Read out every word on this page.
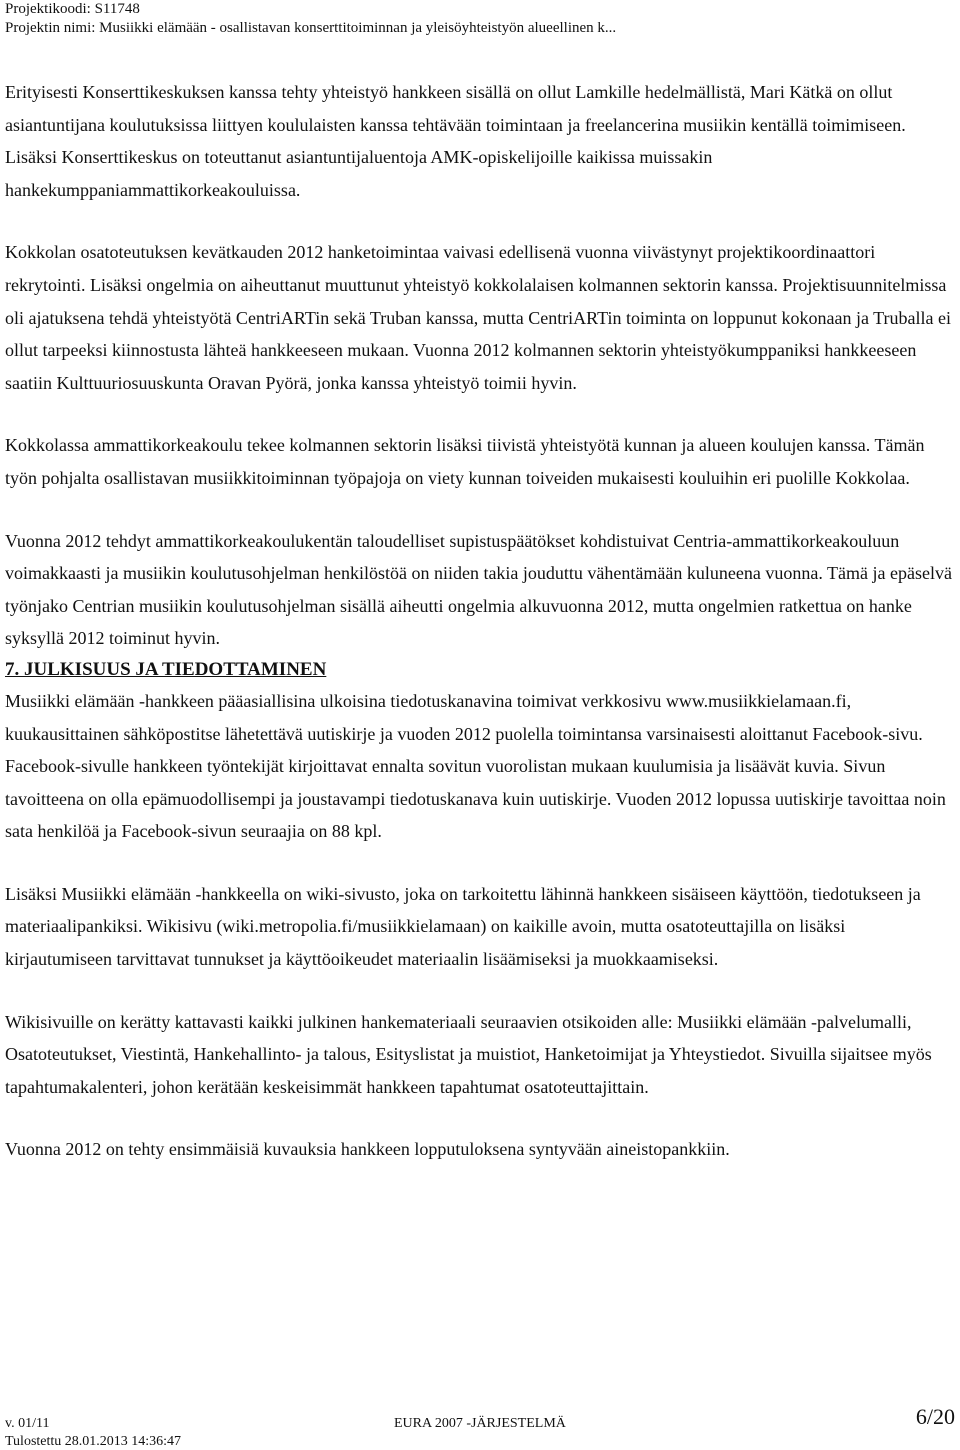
Projektikoodi: S11748
Projektin nimi: Musiikki elämään - osallistavan konserttitoiminnan ja yleisöyhteistyön alueellinen k...

Erityisesti Konserttikeskuksen kanssa tehty yhteistyö hankkeen sisällä on ollut Lamkille hedelmällistä, Mari Kätkä on ollut asiantuntijana koulutuksissa liittyen koululaisten kanssa tehtävään toimintaan ja freelancerina musiikin kentällä toimimiseen. Lisäksi Konserttikeskus on toteuttanut asiantuntijaluentoja AMK-opiskelijoille kaikissa muissakin hankekumppaniammattikorkeakouluissa.

Kokkolan osatoteutuksen kevätkauden 2012 hanketoimintaa vaivasi edellisenä vuonna viivästynyt projektikoordinaattori rekrytointi. Lisäksi ongelmia on aiheuttanut muuttunut yhteistyö kokkolalaisen kolmannen sektorin kanssa. Projektisuunnitelmissa oli ajatuksena tehdä yhteistyötä CentriARTin sekä Truban kanssa, mutta CentriARTin toiminta on loppunut kokonaan ja Truballa ei ollut tarpeeksi kiinnostusta lähteä hankkeeseen mukaan. Vuonna 2012 kolmannen sektorin yhteistyökumppaniksi hankkeeseen saatiin Kulttuuriosuuskunta Oravan Pyörä, jonka kanssa yhteistyö toimii hyvin.

Kokkolassa ammattikorkeakoulu tekee kolmannen sektorin lisäksi tiivistä yhteistyötä kunnan ja alueen koulujen kanssa. Tämän työn pohjalta osallistavan musiikkitoiminnan työpajoja on viety kunnan toiveiden mukaisesti kouluihin eri puolille Kokkolaa.

Vuonna 2012 tehdyt ammattikorkeakoulukentän taloudelliset supistuspäätökset kohdistuivat Centria-ammattikorkeakouluun voimakkaasti ja musiikin koulutusohjelman henkilöstöä on niiden takia jouduttu vähentämään kuluneena vuonna. Tämä ja epäselvä työnjako Centrian musiikin koulutusohjelman sisällä aiheutti ongelmia alkuvuonna 2012, mutta ongelmien ratkettua on hanke syksyllä 2012 toiminut hyvin.

7. JULKISUUS JA TIEDOTTAMINEN

Musiikki elämään -hankkeen pääasiallisina ulkoisina tiedotuskanavina toimivat verkkosivu www.musiikkielamaan.fi, kuukausittainen sähköpostitse lähetettävä uutiskirje ja vuoden 2012 puolella toimintansa varsinaisesti aloittanut Facebook-sivu. Facebook-sivulle hankkeen työntekijät kirjoittavat ennalta sovitun vuorolistan mukaan kuulumisia ja lisäävät kuvia. Sivun tavoitteena on olla epämuodollisempi ja joustavampi tiedotuskanava kuin uutiskirje. Vuoden 2012 lopussa uutiskirje tavoittaa noin sata henkilöä ja Facebook-sivun seuraajia on 88 kpl.

Lisäksi Musiikki elämään -hankkeella on wiki-sivusto, joka on tarkoitettu lähinnä hankkeen sisäiseen käyttöön, tiedotukseen ja materiaalipankiksi. Wikisivu (wiki.metropolia.fi/musiikkielamaan) on kaikille avoin, mutta osatoteuttajilla on lisäksi kirjautumiseen tarvittavat tunnukset ja käyttöoikeudet materiaalin lisäämiseksi ja muokkaamiseksi.

Wikisivuille on kerätty kattavasti kaikki julkinen hankemateriaali seuraavien otsikoiden alle: Musiikki elämään -palvelumalli, Osatoteutukset, Viestintä, Hankehallinto- ja talous, Esityslistat ja muistiot, Hanketoimijat ja Yhteystiedot. Sivuilla sijaitsee myös tapahtumakalenteri, johon kerätään keskeisimmät hankkeen tapahtumat osatoteuttajittain.

Vuonna 2012 on tehty ensimmäisiä kuvauksia hankkeen lopputuloksena syntyvään aineistopankkiin.

v. 01/11	EURA 2007 -JÄRJESTELMÄ	6/20
Tulostettu 28.01.2013 14:36:47
